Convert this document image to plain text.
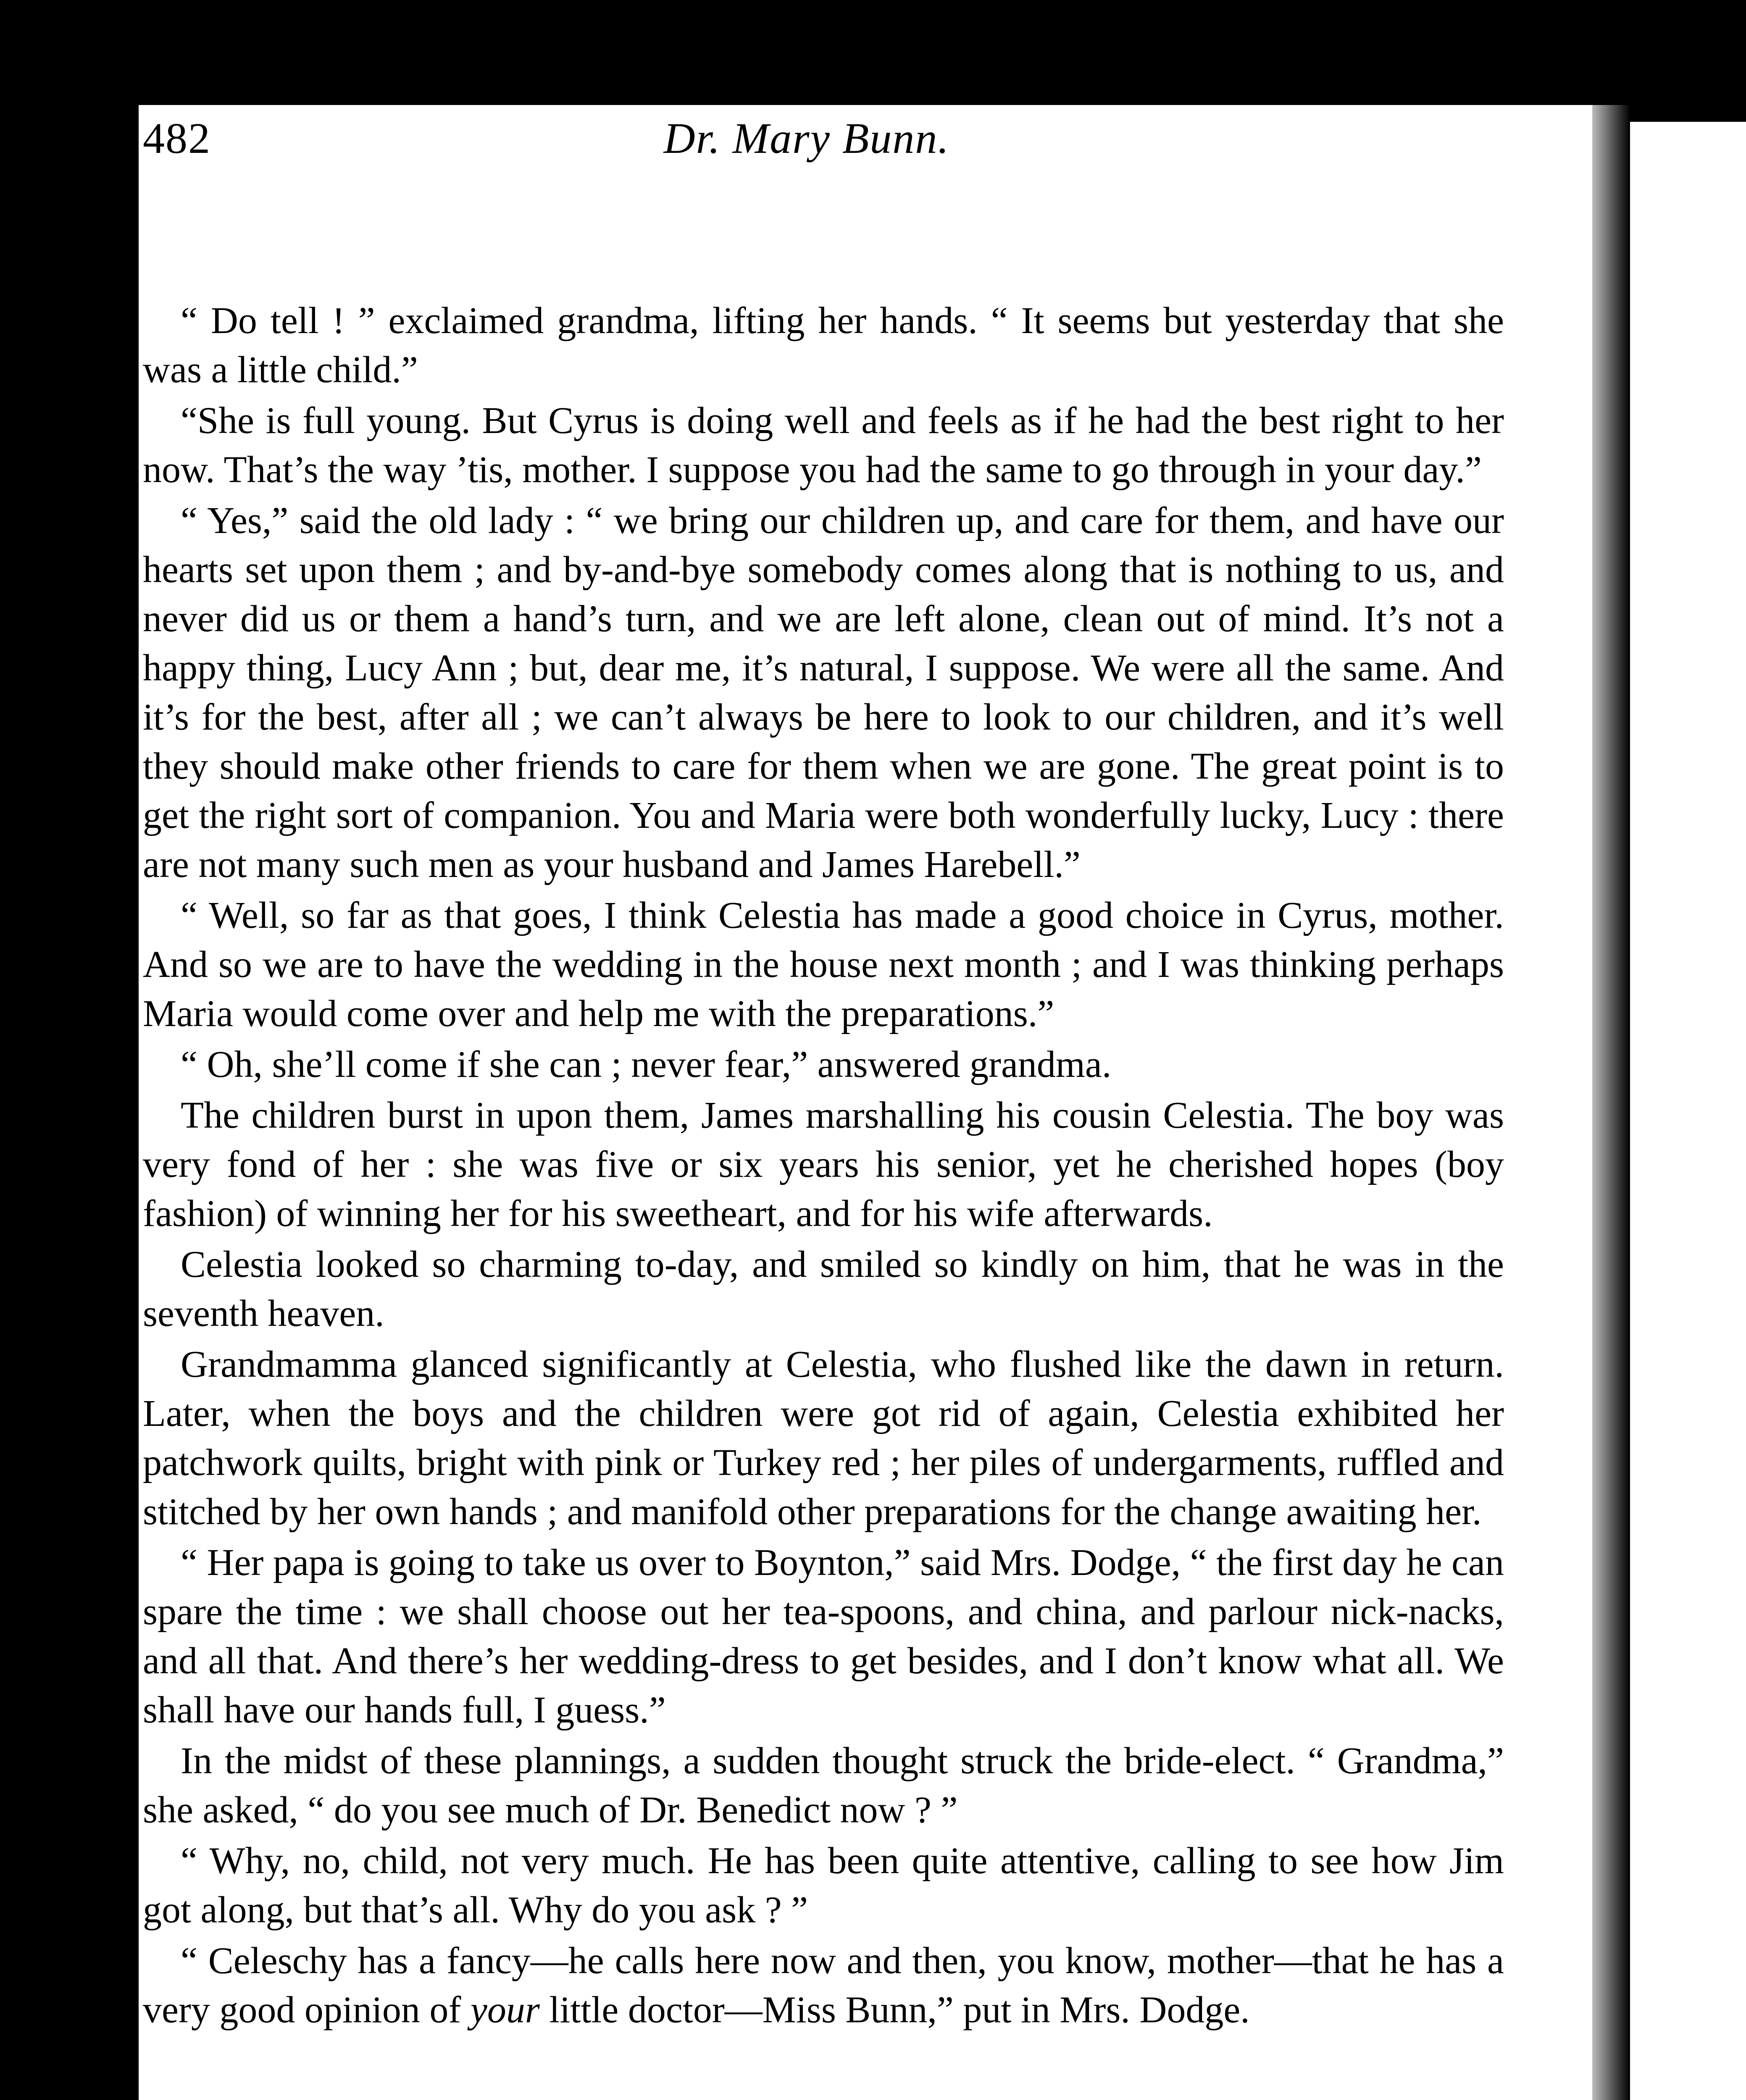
482	Dr. Mary Bunn.

“ Do tell ! ” exclaimed grandma, lifting her hands. “ It seems but yesterday that she was a little child.”

“She is full young. But Cyrus is doing well and feels as if he had the best right to her now. That’s the way ’tis, mother. I suppose you had the same to go through in your day.”

“ Yes,” said the old lady : “ we bring our children up, and care for them, and have our hearts set upon them ; and by-and-bye somebody comes along that is nothing to us, and never did us or them a hand’s turn, and we are left alone, clean out of mind. It’s not a happy thing, Lucy Ann ; but, dear me, it’s natural, I suppose. We were all the same. And it’s for the best, after all ; we can’t always be here to look to our children, and it’s well they should make other friends to care for them when we are gone. The great point is to get the right sort of companion. You and Maria were both wonderfully lucky, Lucy : there are not many such men as your husband and James Harebell.”

“ Well, so far as that goes, I think Celestia has made a good choice in Cyrus, mother. And so we are to have the wedding in the house next month ; and I was thinking perhaps Maria would come over and help me with the preparations.”

“ Oh, she’ll come if she can ; never fear,” answered grandma.

The children burst in upon them, James marshalling his cousin Celestia. The boy was very fond of her : she was five or six years his senior, yet he cherished hopes (boy fashion) of winning her for his sweetheart, and for his wife afterwards.

Celestia looked so charming to-day, and smiled so kindly on him, that he was in the seventh heaven.

Grandmamma glanced significantly at Celestia, who flushed like the dawn in return. Later, when the boys and the children were got rid of again, Celestia exhibited her patchwork quilts, bright with pink or Turkey red ; her piles of undergarments, ruffled and stitched by her own hands ; and manifold other preparations for the change awaiting her.

“ Her papa is going to take us over to Boynton,” said Mrs. Dodge, “ the first day he can spare the time : we shall choose out her tea-spoons, and china, and parlour nick-nacks, and all that. And there’s her wedding-dress to get besides, and I don’t know what all. We shall have our hands full, I guess.”

In the midst of these plannings, a sudden thought struck the bride-elect. “ Grandma,” she asked, “ do you see much of Dr. Benedict now ? ”

“ Why, no, child, not very much. He has been quite attentive, calling to see how Jim got along, but that’s all. Why do you ask ? ”

“ Celeschy has a fancy—he calls here now and then, you know, mother—that he has a very good opinion of your little doctor—Miss Bunn,” put in Mrs. Dodge.
